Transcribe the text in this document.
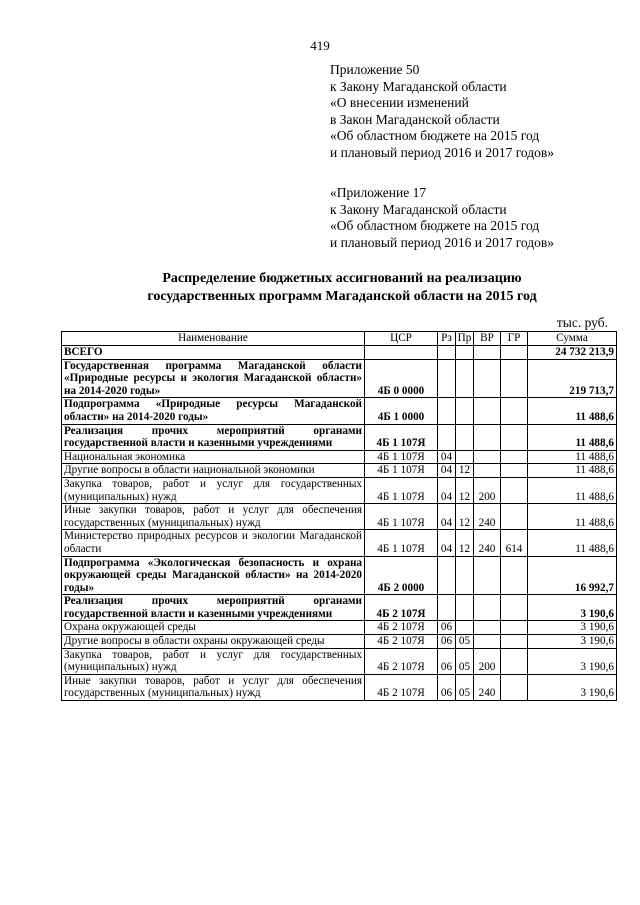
419
Приложение 50
к Закону Магаданской области
«О внесении изменений
в Закон Магаданской области
«Об областном бюджете на 2015 год
и плановый период 2016 и 2017 годов»
«Приложение 17
к Закону Магаданской области
«Об областном бюджете на 2015 год
и плановый период 2016 и 2017 годов»
Распределение бюджетных ассигнований на реализацию
государственных программ Магаданской области на 2015 год
тыс. руб.
Наименование	ЦСР	Рз	Пр	ВР	ГР	Сумма
ВСЕГО						24 732 213,9
Государственная программа Магаданской области «Природные ресурсы и экология Магаданской области» на 2014-2020 годы»	4Б 0 0000					219 713,7
Подпрограмма «Природные ресурсы Магаданской области» на 2014-2020 годы»	4Б 1 0000					11 488,6
Реализация прочих мероприятий органами государственной власти и казенными учреждениями	4Б 1 107Я					11 488,6
Национальная экономика	4Б 1 107Я	04				11 488,6
Другие вопросы в области национальной экономики	4Б 1 107Я	04	12			11 488,6
Закупка товаров, работ и услуг для государственных (муниципальных) нужд	4Б 1 107Я	04	12	200		11 488,6
Иные закупки товаров, работ и услуг для обеспечения государственных (муниципальных) нужд	4Б 1 107Я	04	12	240		11 488,6
Министерство природных ресурсов и экологии Магаданской области	4Б 1 107Я	04	12	240	614	11 488,6
Подпрограмма «Экологическая безопасность и охрана окружающей среды Магаданской области» на 2014-2020 годы»	4Б 2 0000					16 992,7
Реализация прочих мероприятий органами государственной власти и казенными учреждениями	4Б 2 107Я					3 190,6
Охрана окружающей среды	4Б 2 107Я	06				3 190,6
Другие вопросы в области охраны окружающей среды	4Б 2 107Я	06	05			3 190,6
Закупка товаров, работ и услуг для государственных (муниципальных) нужд	4Б 2 107Я	06	05	200		3 190,6
Иные закупки товаров, работ и услуг для обеспечения государственных (муниципальных) нужд	4Б 2 107Я	06	05	240		3 190,6
